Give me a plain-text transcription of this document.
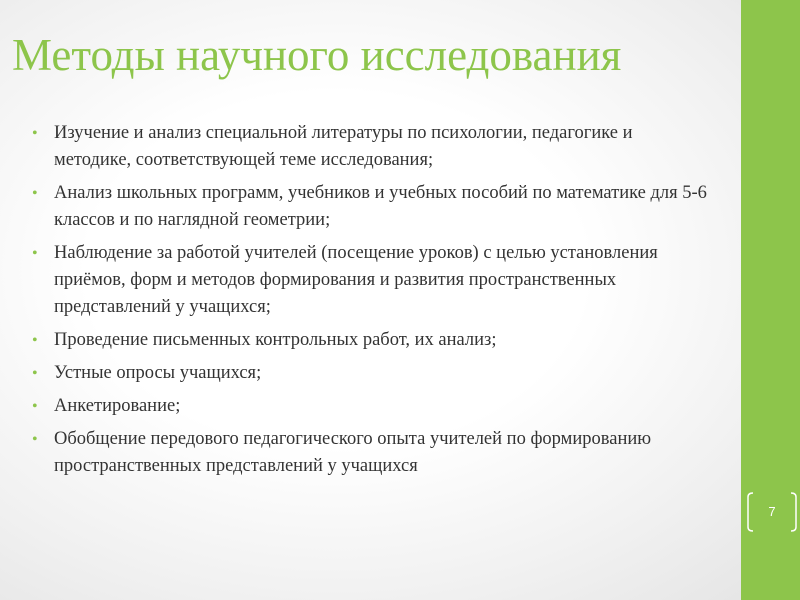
Методы научного исследования
• Изучение и анализ специальной литературы по психологии, педагогике и методике, соответствующей теме исследования;
• Анализ школьных программ, учебников и учебных пособий по математике для 5-6 классов и по наглядной геометрии;
• Наблюдение за работой учителей (посещение уроков) с целью установления приёмов, форм и методов формирования и развития пространственных представлений у учащихся;
• Проведение письменных контрольных работ, их анализ;
• Устные опросы учащихся;
• Анкетирование;
• Обобщение передового педагогического опыта учителей по формированию пространственных представлений у учащихся
7
